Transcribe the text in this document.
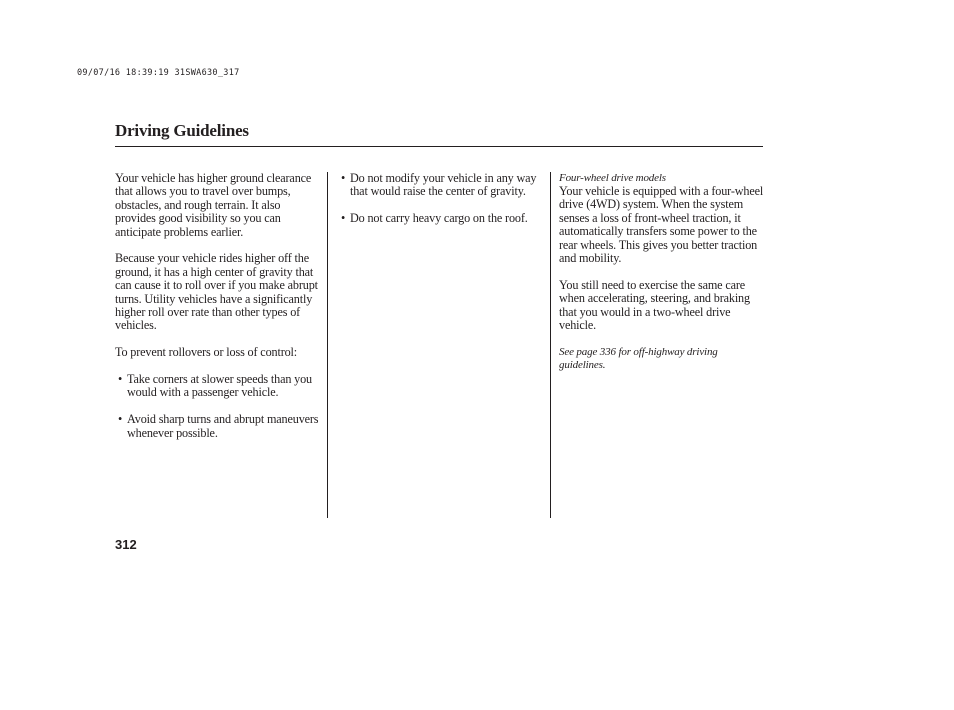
09/07/16 18:39:19 31SWA630_317
Driving Guidelines

Your vehicle has higher ground clearance that allows you to travel over bumps, obstacles, and rough terrain. It also provides good visibility so you can anticipate problems earlier.

Because your vehicle rides higher off the ground, it has a high center of gravity that can cause it to roll over if you make abrupt turns. Utility vehicles have a significantly higher roll over rate than other types of vehicles.

To prevent rollovers or loss of control:

• Take corners at slower speeds than you would with a passenger vehicle.
• Avoid sharp turns and abrupt maneuvers whenever possible.
• Do not modify your vehicle in any way that would raise the center of gravity.
• Do not carry heavy cargo on the roof.
Four-wheel drive models

Your vehicle is equipped with a four-wheel drive (4WD) system. When the system senses a loss of front-wheel traction, it automatically transfers some power to the rear wheels. This gives you better traction and mobility.

You still need to exercise the same care when accelerating, steering, and braking that you would in a two-wheel drive vehicle.

See page 336 for off-highway driving guidelines.

312
